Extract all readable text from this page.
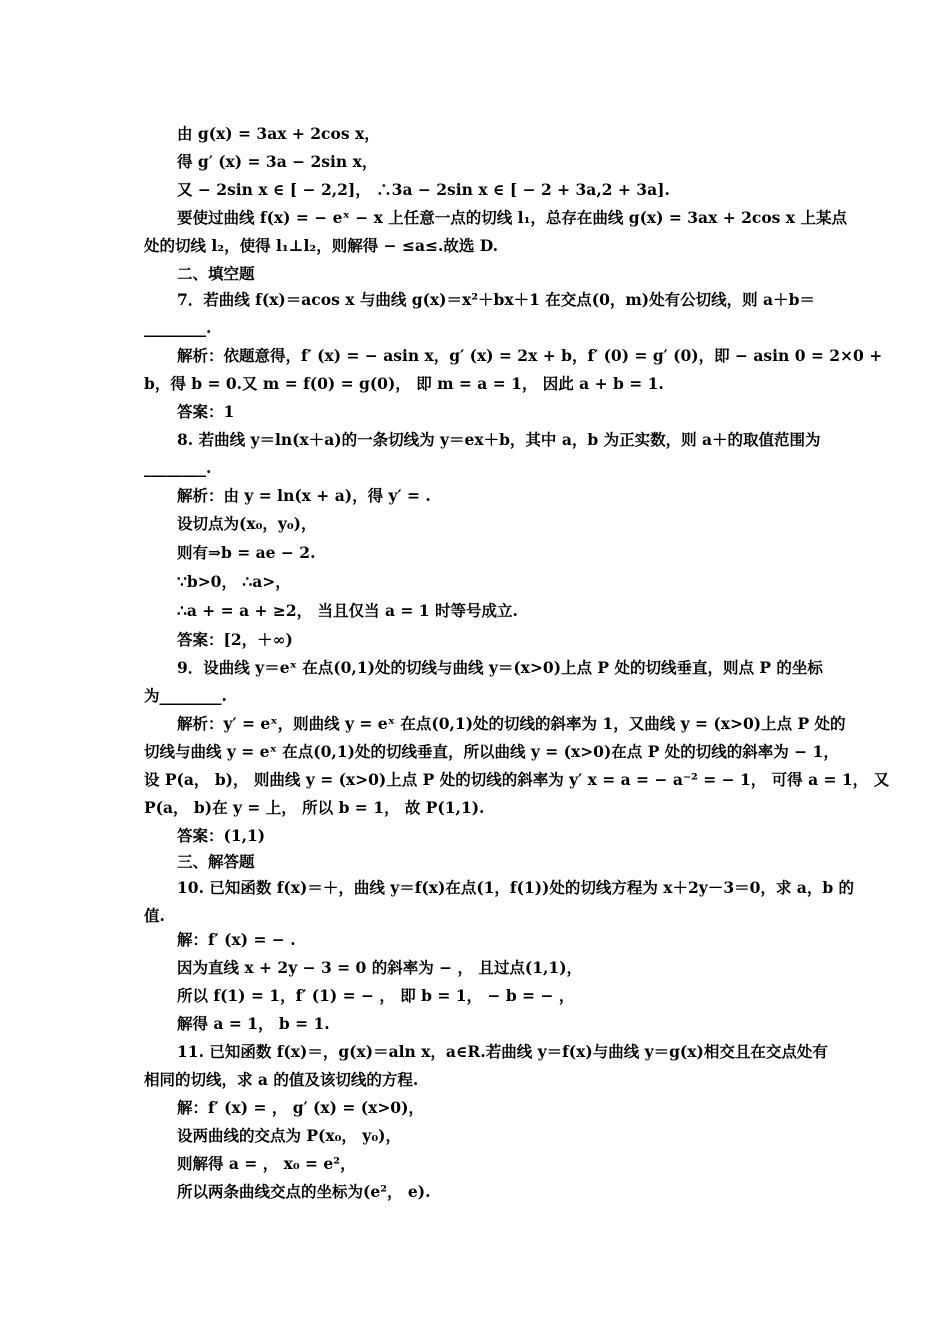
由 g(x) = 3ax + 2cos x，
得 g′ (x) = 3a − 2sin x，
又 − 2sin x ∈ [ − 2,2]， ∴3a − 2sin x ∈ [ − 2 + 3a,2 + 3a].
要使过曲线 f(x) = − eˣ − x 上任意一点的切线 l₁，总存在曲线 g(x) = 3ax + 2cos x 上某点
处的切线 l₂，使得 l₁⊥l₂，则解得 − ≤a≤.故选 D.
二、填空题
7．若曲线 f(x)＝acos x 与曲线 g(x)＝x²＋bx＋1 在交点(0，m)处有公切线，则 a＋b＝
________.
解析：依题意得，f′ (x) = − asin x，g′ (x) = 2x + b，f′ (0) = g′ (0)，即 − asin 0 = 2×0 +
b，得 b = 0.又 m = f(0) = g(0)， 即 m = a = 1， 因此 a + b = 1.
答案：1
8. 若曲线 y＝ln(x＋a)的一条切线为 y＝ex＋b，其中 a，b 为正实数，则 a＋的取值范围为
________.
解析：由 y = ln(x + a)，得 y′ = .
设切点为(x₀，y₀)，
则有⇒b = ae − 2.
∵b>0， ∴a>，
∴a + = a + ≥2， 当且仅当 a = 1 时等号成立.
答案：[2，＋∞)
9．设曲线 y＝eˣ 在点(0,1)处的切线与曲线 y＝(x>0)上点 P 处的切线垂直，则点 P 的坐标
为________.
解析：y′ = eˣ，则曲线 y = eˣ 在点(0,1)处的切线的斜率为 1，又曲线 y = (x>0)上点 P 处的
切线与曲线 y = eˣ 在点(0,1)处的切线垂直，所以曲线 y = (x>0)在点 P 处的切线的斜率为 − 1，
设 P(a， b)， 则曲线 y = (x>0)上点 P 处的切线的斜率为 y′ x = a = − a⁻² = − 1， 可得 a = 1， 又
P(a， b)在 y = 上， 所以 b = 1， 故 P(1,1).
答案：(1,1)
三、解答题
10. 已知函数 f(x)＝＋，曲线 y＝f(x)在点(1，f(1))处的切线方程为 x＋2y－3＝0，求 a，b 的
值.
解：f′ (x) = − .
因为直线 x + 2y − 3 = 0 的斜率为 − ， 且过点(1,1)，
所以 f(1) = 1，f′ (1) = − ， 即 b = 1， − b = − ，
解得 a = 1， b = 1.
11. 已知函数 f(x)＝，g(x)＝aln x，a∈R.若曲线 y＝f(x)与曲线 y＝g(x)相交且在交点处有
相同的切线，求 a 的值及该切线的方程.
解：f′ (x) = ， g′ (x) = (x>0)，
设两曲线的交点为 P(x₀， y₀)，
则解得 a = ， x₀ = e²，
所以两条曲线交点的坐标为(e²， e).
